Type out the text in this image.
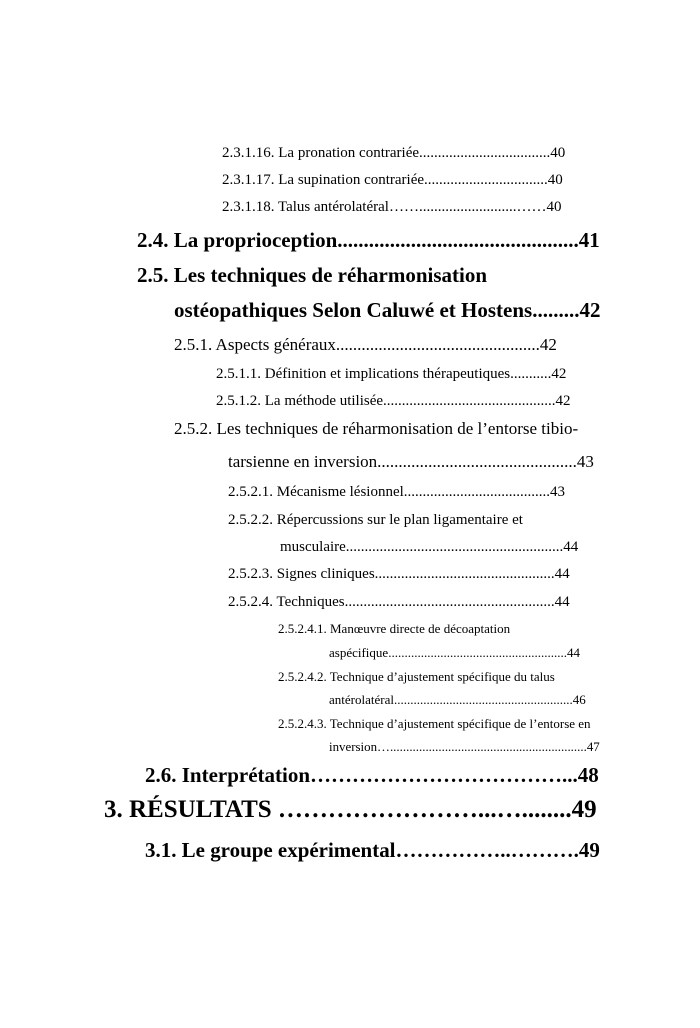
2.3.1.16. La pronation contrariée...................................40
2.3.1.17. La supination contrariée.................................40
2.3.1.18. Talus antérolatéral……..........................……40
2.4. La proprioception..............................................41
2.5. Les techniques de réharmonisation
ostéopathiques Selon Caluwé et Hostens.........42
2.5.1. Aspects généraux................................................42
2.5.1.1. Définition et implications thérapeutiques...........42
2.5.1.2. La méthode utilisée..............................................42
2.5.2. Les techniques de réharmonisation de l’entorse tibio-
tarsienne en inversion...............................................43
2.5.2.1. Mécanisme lésionnel.......................................43
2.5.2.2. Répercussions sur le plan ligamentaire et
musculaire..........................................................44
2.5.2.3. Signes cliniques................................................44
2.5.2.4. Techniques........................................................44
2.5.2.4.1. Manœuvre directe de décoaptation
aspécifique.......................................................44
2.5.2.4.2. Technique d’ajustement spécifique du talus
antérolatéral.......................................................46
2.5.2.4.3. Technique d’ajustement spécifique de l’entorse en
inversion….............................................................47
2.6. Interprétation………………………………...48
3. RÉSULTATS ……………………...…........49
3.1. Le groupe expérimental……………..……….49
